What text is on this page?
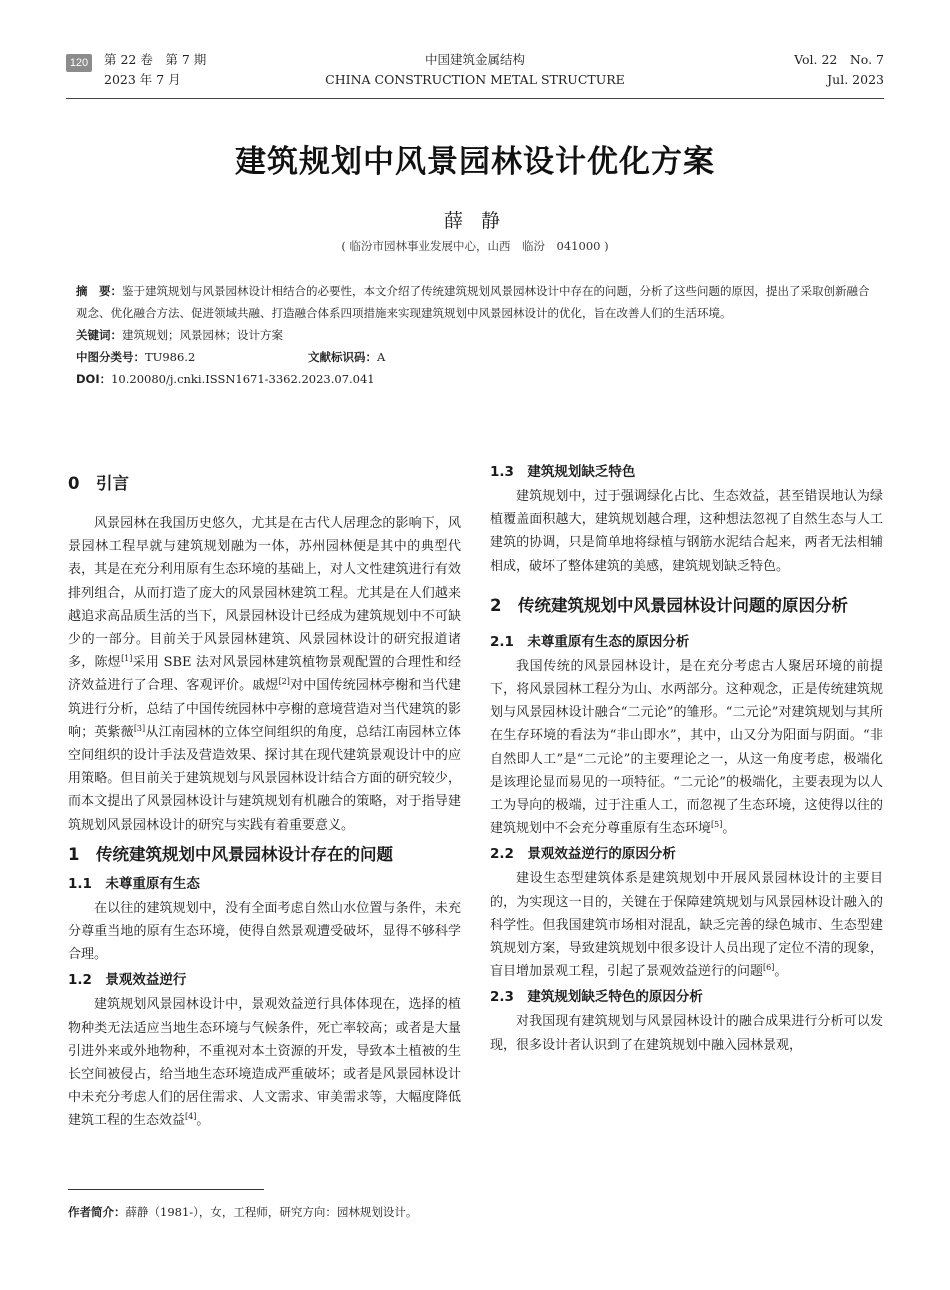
120	第 22 卷　第 7 期
2023 年 7 月
中国建筑金属结构
CHINA CONSTRUCTION METAL STRUCTURE
Vol. 22　No. 7
Jul. 2023
建筑规划中风景园林设计优化方案
薛 静
( 临汾市园林事业发展中心，山西　临汾　041000 )

摘　要：鉴于建筑规划与风景园林设计相结合的必要性，本文介绍了传统建筑规划风景园林设计中存在的问题，分析了这些问题的原因，提出了采取创新融合观念、优化融合方法、促进领域共融、打造融合体系四项措施来实现建筑规划中风景园林设计的优化，旨在改善人们的生活环境。

关键词：建筑规划；风景园林；设计方案

中图分类号：TU986.2	文献标识码：A

DOI：10.20080/j.cnki.ISSN1671-3362.2023.07.041

0　引言

风景园林在我国历史悠久，尤其是在古代人居理念的影响下，风景园林工程早就与建筑规划融为一体，苏州园林便是其中的典型代表，其是在充分利用原有生态环境的基础上，对人文性建筑进行有效排列组合，从而打造了庞大的风景园林建筑工程。尤其是在人们越来越追求高品质生活的当下，风景园林设计已经成为建筑规划中不可缺少的一部分。目前关于风景园林建筑、风景园林设计的研究报道诸多，陈煜[1]采用 SBE 法对风景园林建筑植物景观配置的合理性和经济效益进行了合理、客观评价。戚煜[2]对中国传统园林亭榭和当代建筑进行分析，总结了中国传统园林中亭榭的意境营造对当代建筑的影响；英紫薇[3]从江南园林的立体空间组织的角度，总结江南园林立体空间组织的设计手法及营造效果、探讨其在现代建筑景观设计中的应用策略。但目前关于建筑规划与风景园林设计结合方面的研究较少，而本文提出了风景园林设计与建筑规划有机融合的策略，对于指导建筑规划风景园林设计的研究与实践有着重要意义。

1　传统建筑规划中风景园林设计存在的问题
1.1　未尊重原有生态

在以往的建筑规划中，没有全面考虑自然山水位置与条件，未充分尊重当地的原有生态环境，使得自然景观遭受破坏，显得不够科学合理。

1.2　景观效益逆行

建筑规划风景园林设计中，景观效益逆行具体体现在，选择的植物种类无法适应当地生态环境与气候条件，死亡率较高；或者是大量引进外来或外地物种，不重视对本土资源的开发，导致本土植被的生长空间被侵占，给当地生态环境造成严重破坏；或者是风景园林设计中未充分考虑人们的居住需求、人文需求、审美需求等，大幅度降低建筑工程的生态效益[4]。

1.3　建筑规划缺乏特色

建筑规划中，过于强调绿化占比、生态效益，甚至错误地认为绿植覆盖面积越大，建筑规划越合理，这种想法忽视了自然生态与人工建筑的协调，只是简单地将绿植与钢筋水泥结合起来，两者无法相辅相成，破坏了整体建筑的美感，建筑规划缺乏特色。

2　传统建筑规划中风景园林设计问题的原因分析
2.1　未尊重原有生态的原因分析

我国传统的风景园林设计，是在充分考虑古人聚居环境的前提下，将风景园林工程分为山、水两部分。这种观念，正是传统建筑规划与风景园林设计融合“二元论”的雏形。“二元论”对建筑规划与其所在生存环境的看法为“非山即水”，其中，山又分为阳面与阴面。“非自然即人工”是“二元论”的主要理论之一，从这一角度考虑，极端化是该理论显而易见的一项特征。“二元论”的极端化，主要表现为以人工为导向的极端，过于注重人工，而忽视了生态环境，这使得以往的建筑规划中不会充分尊重原有生态环境[5]。

2.2　景观效益逆行的原因分析

建设生态型建筑体系是建筑规划中开展风景园林设计的主要目的，为实现这一目的，关键在于保障建筑规划与风景园林设计融入的科学性。但我国建筑市场相对混乱，缺乏完善的绿色城市、生态型建筑规划方案，导致建筑规划中很多设计人员出现了定位不清的现象，盲目增加景观工程，引起了景观效益逆行的问题[6]。

2.3　建筑规划缺乏特色的原因分析

对我国现有建筑规划与风景园林设计的融合成果进行分析可以发现，很多设计者认识到了在建筑规划中融入园林景观，

作者简介：薛静（1981-），女，工程师，研究方向：园林规划设计。
